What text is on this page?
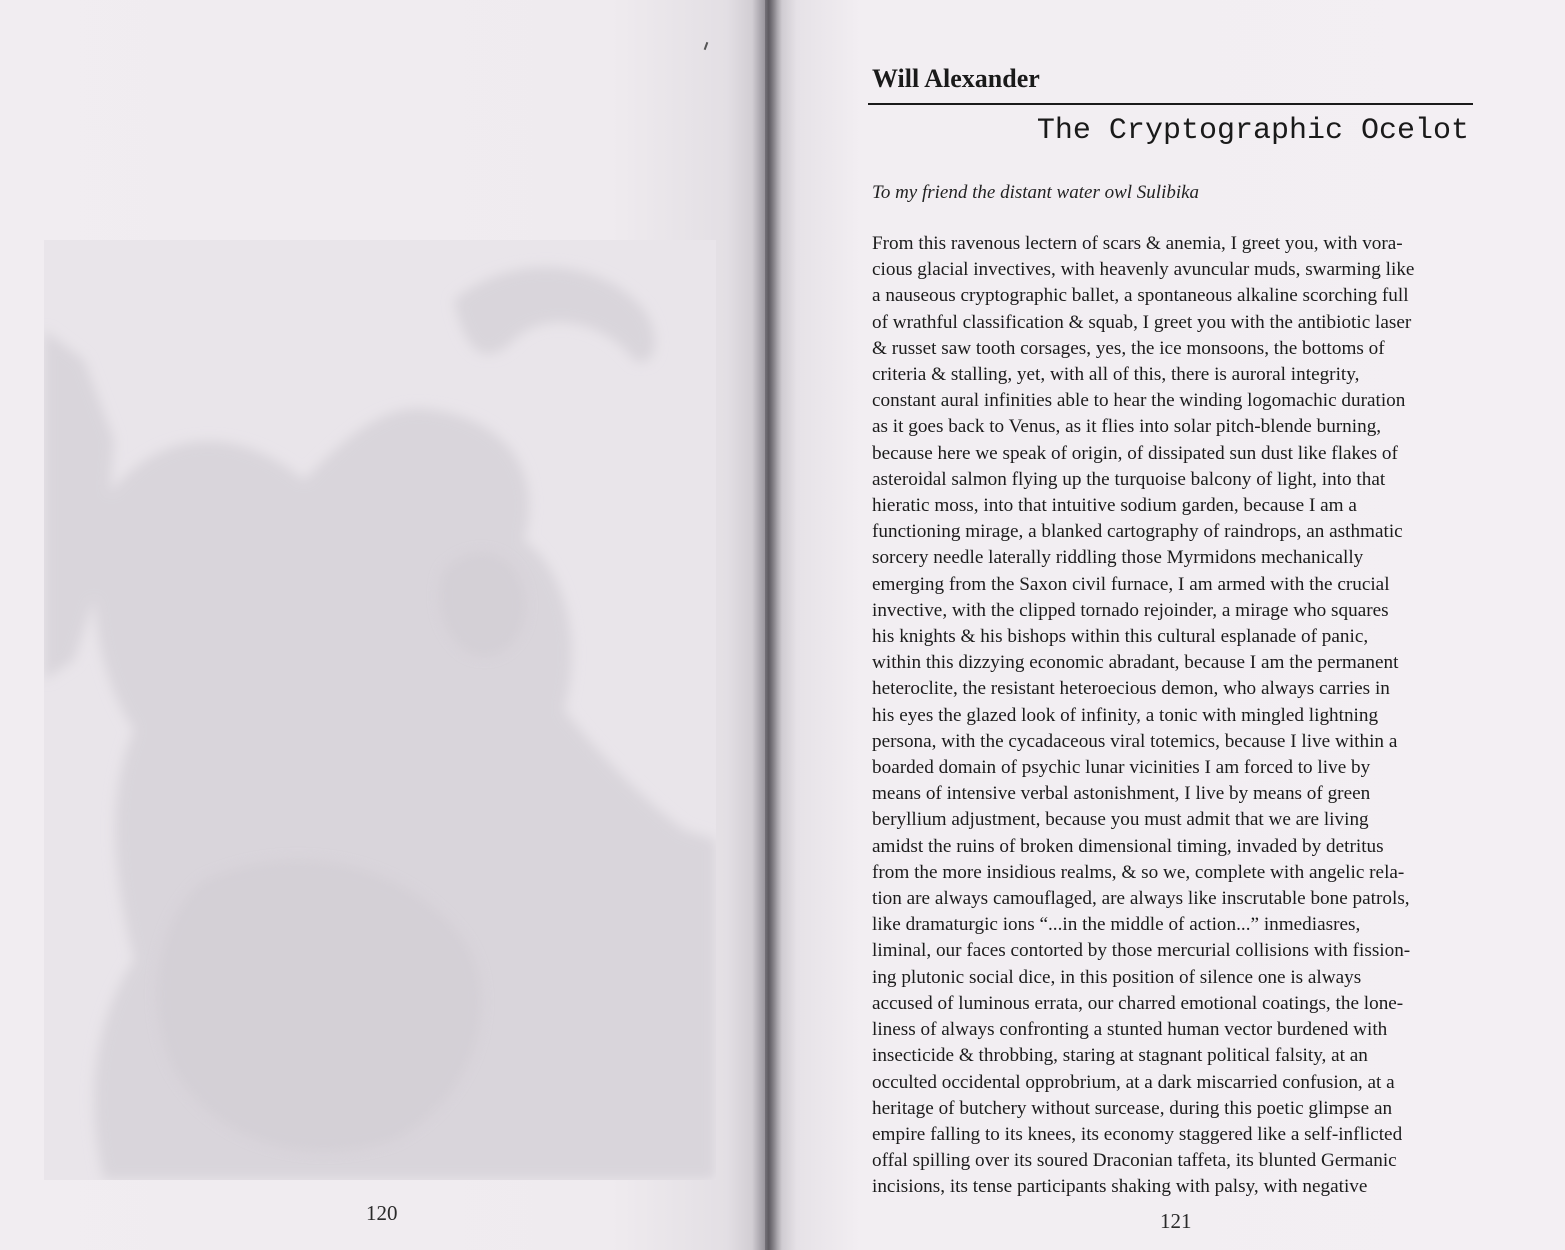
120
Will Alexander
The Cryptographic Ocelot
To my friend the distant water owl Sulibika
From this ravenous lectern of scars & anemia, I greet you, with vora-
cious glacial invectives, with heavenly avuncular muds, swarming like
a nauseous cryptographic ballet, a spontaneous alkaline scorching full
of wrathful classification & squab, I greet you with the antibiotic laser
& russet saw tooth corsages, yes, the ice monsoons, the bottoms of
criteria & stalling, yet, with all of this, there is auroral integrity,
constant aural infinities able to hear the winding logomachic duration
as it goes back to Venus, as it flies into solar pitch-blende burning,
because here we speak of origin, of dissipated sun dust like flakes of
asteroidal salmon flying up the turquoise balcony of light, into that
hieratic moss, into that intuitive sodium garden, because I am a
functioning mirage, a blanked cartography of raindrops, an asthmatic
sorcery needle laterally riddling those Myrmidons mechanically
emerging from the Saxon civil furnace, I am armed with the crucial
invective, with the clipped tornado rejoinder, a mirage who squares
his knights & his bishops within this cultural esplanade of panic,
within this dizzying economic abradant, because I am the permanent
heteroclite, the resistant heteroecious demon, who always carries in
his eyes the glazed look of infinity, a tonic with mingled lightning
persona, with the cycadaceous viral totemics, because I live within a
boarded domain of psychic lunar vicinities I am forced to live by
means of intensive verbal astonishment, I live by means of green
beryllium adjustment, because you must admit that we are living
amidst the ruins of broken dimensional timing, invaded by detritus
from the more insidious realms, & so we, complete with angelic rela-
tion are always camouflaged, are always like inscrutable bone patrols,
like dramaturgic ions “...in the middle of action...” inmediasres,
liminal, our faces contorted by those mercurial collisions with fission-
ing plutonic social dice, in this position of silence one is always
accused of luminous errata, our charred emotional coatings, the lone-
liness of always confronting a stunted human vector burdened with
insecticide & throbbing, staring at stagnant political falsity, at an
occulted occidental opprobrium, at a dark miscarried confusion, at a
heritage of butchery without surcease, during this poetic glimpse an
empire falling to its knees, its economy staggered like a self-inflicted
offal spilling over its soured Draconian taffeta, its blunted Germanic
incisions, its tense participants shaking with palsy, with negative
121
